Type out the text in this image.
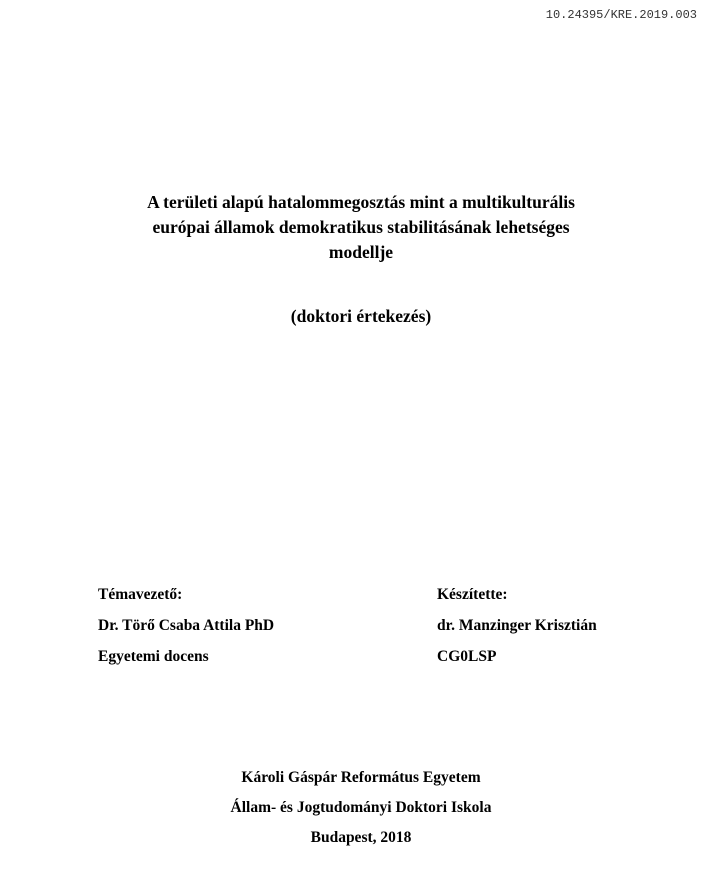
10.24395/KRE.2019.003
A területi alapú hatalommegosztás mint a multikulturális
európai államok demokratikus stabilitásának lehetséges
modellje
(doktori értekezés)
Témavezető:
Dr. Törő Csaba Attila PhD
Egyetemi docens
Készítette:
dr. Manzinger Krisztián
CG0LSP
Károli Gáspár Református Egyetem
Állam- és Jogtudományi Doktori Iskola
Budapest, 2018
